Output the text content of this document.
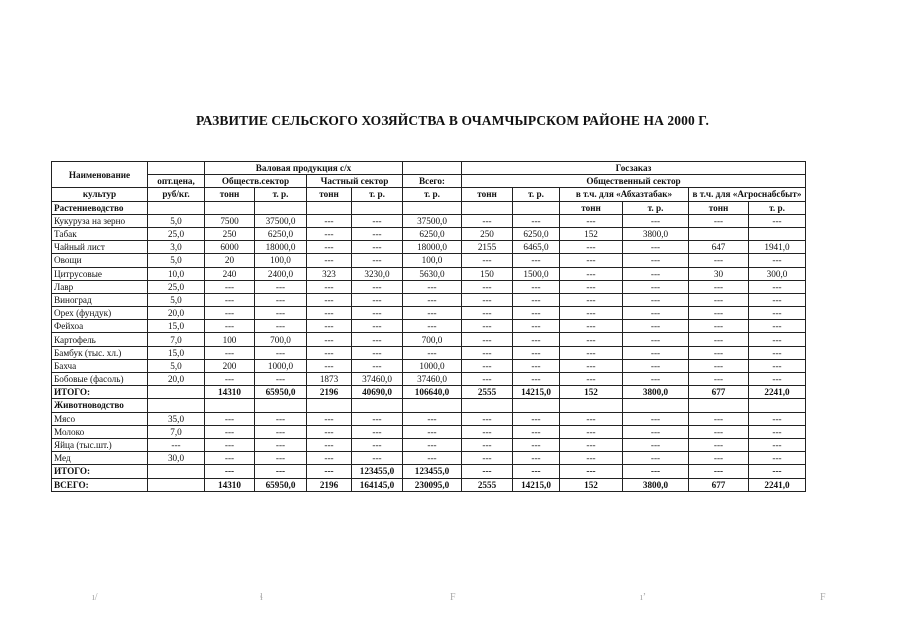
РАЗВИТИЕ СЕЛЬСКОГО ХОЗЯЙСТВА В ОЧАМЧЫРСКОМ РАЙОНЕ НА 2000 Г.
Наименование		Валовая продукция с/х					Госзаказ					
	опт.цена,	Обществ.сектор		Частный сектор		Всего:	Общественный сектор					
культур	руб/кг.	тонн	т. р.	тонн	т. р.	т. р.	тонн	т. р.	в т.ч. для «Абхазтабак»		в т.ч. для «Агроснабсбыт»	
Растениеводство									тонн	т. р.	тонн	т. р.
Кукуруза на зерно	5,0	7500	37500,0	---	---	37500,0	---	---	---	---	---	---
Табак	25,0	250	6250,0	---	---	6250,0	250	6250,0	152	3800,0		
Чайный лист	3,0	6000	18000,0	---	---	18000,0	2155	6465,0	---	---	647	1941,0
Овощи	5,0	20	100,0	---	---	100,0	---	---	---	---	---	---
Цитрусовые	10,0	240	2400,0	323	3230,0	5630,0	150	1500,0	---	---	30	300,0
Лавр	25,0	---	---	---	---	---	---	---	---	---	---	---
Виноград	5,0	---	---	---	---	---	---	---	---	---	---	---
Орех (фундук)	20,0	---	---	---	---	---	---	---	---	---	---	---
Фейхоа	15,0	---	---	---	---	---	---	---	---	---	---	---
Картофель	7,0	100	700,0	---	---	700,0	---	---	---	---	---	---
Бамбук (тыс. хл.)	15,0	---	---	---	---	---	---	---	---	---	---	---
Бахча	5,0	200	1000,0	---	---	1000,0	---	---	---	---	---	---
Бобовые (фасоль)	20,0	---	---	1873	37460,0	37460,0	---	---	---	---	---	---
ИТОГО:		14310	65950,0	2196	40690,0	106640,0	2555	14215,0	152	3800,0	677	2241,0
Животноводство												
Мясо	35,0	---	---	---	---	---	---	---	---	---	---	---
Молоко	7,0	---	---	---	---	---	---	---	---	---	---	---
Яйца (тыс.шт.)	---	---	---	---	---	---	---	---	---	---	---	---
Мед	30,0	---	---	---	---	---	---	---	---	---	---	---
ИТОГО:		---	---	---	123455,0	123455,0	---	---	---	---	---	---
ВСЕГО:		14310	65950,0	2196	164145,0	230095,0	2555	14215,0	152	3800,0	677	2241,0
ı/	ɬ	F	ıʼ	F
